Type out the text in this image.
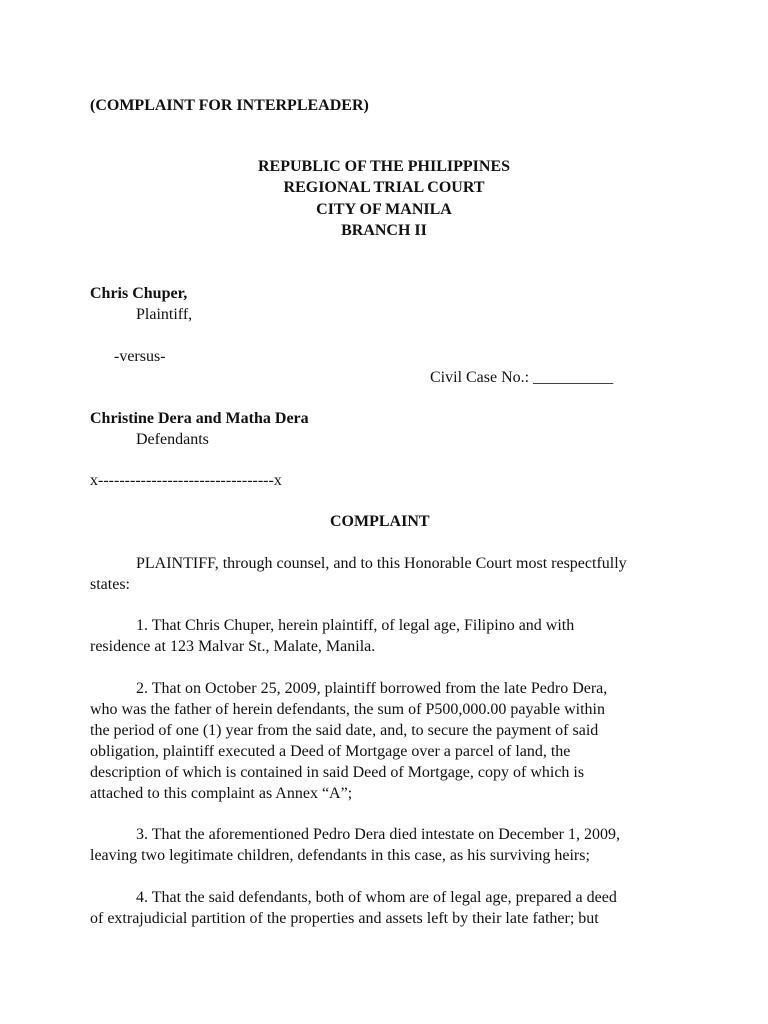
(COMPLAINT FOR INTERPLEADER)

REPUBLIC OF THE PHILIPPINES

REGIONAL TRIAL COURT

CITY OF MANILA

BRANCH II

Chris Chuper,

Plaintiff,

-versus-

Civil Case No.: __________

Christine Dera and Matha Dera

Defendants

x---------------------------------x

COMPLAINT

PLAINTIFF, through counsel, and to this Honorable Court most respectfully

states:

1. That Chris Chuper, herein plaintiff, of legal age, Filipino and with

residence at 123 Malvar St., Malate, Manila.

2. That on October 25, 2009, plaintiff borrowed from the late Pedro Dera,

who was the father of herein defendants, the sum of P500,000.00 payable within

the period of one (1) year from the said date, and, to secure the payment of said

obligation, plaintiff executed a Deed of Mortgage over a parcel of land, the

description of which is contained in said Deed of Mortgage, copy of which is

attached to this complaint as Annex “A”;

3. That the aforementioned Pedro Dera died intestate on December 1, 2009,

leaving two legitimate children, defendants in this case, as his surviving heirs;

4. That the said defendants, both of whom are of legal age, prepared a deed

of extrajudicial partition of the properties and assets left by their late father; but
